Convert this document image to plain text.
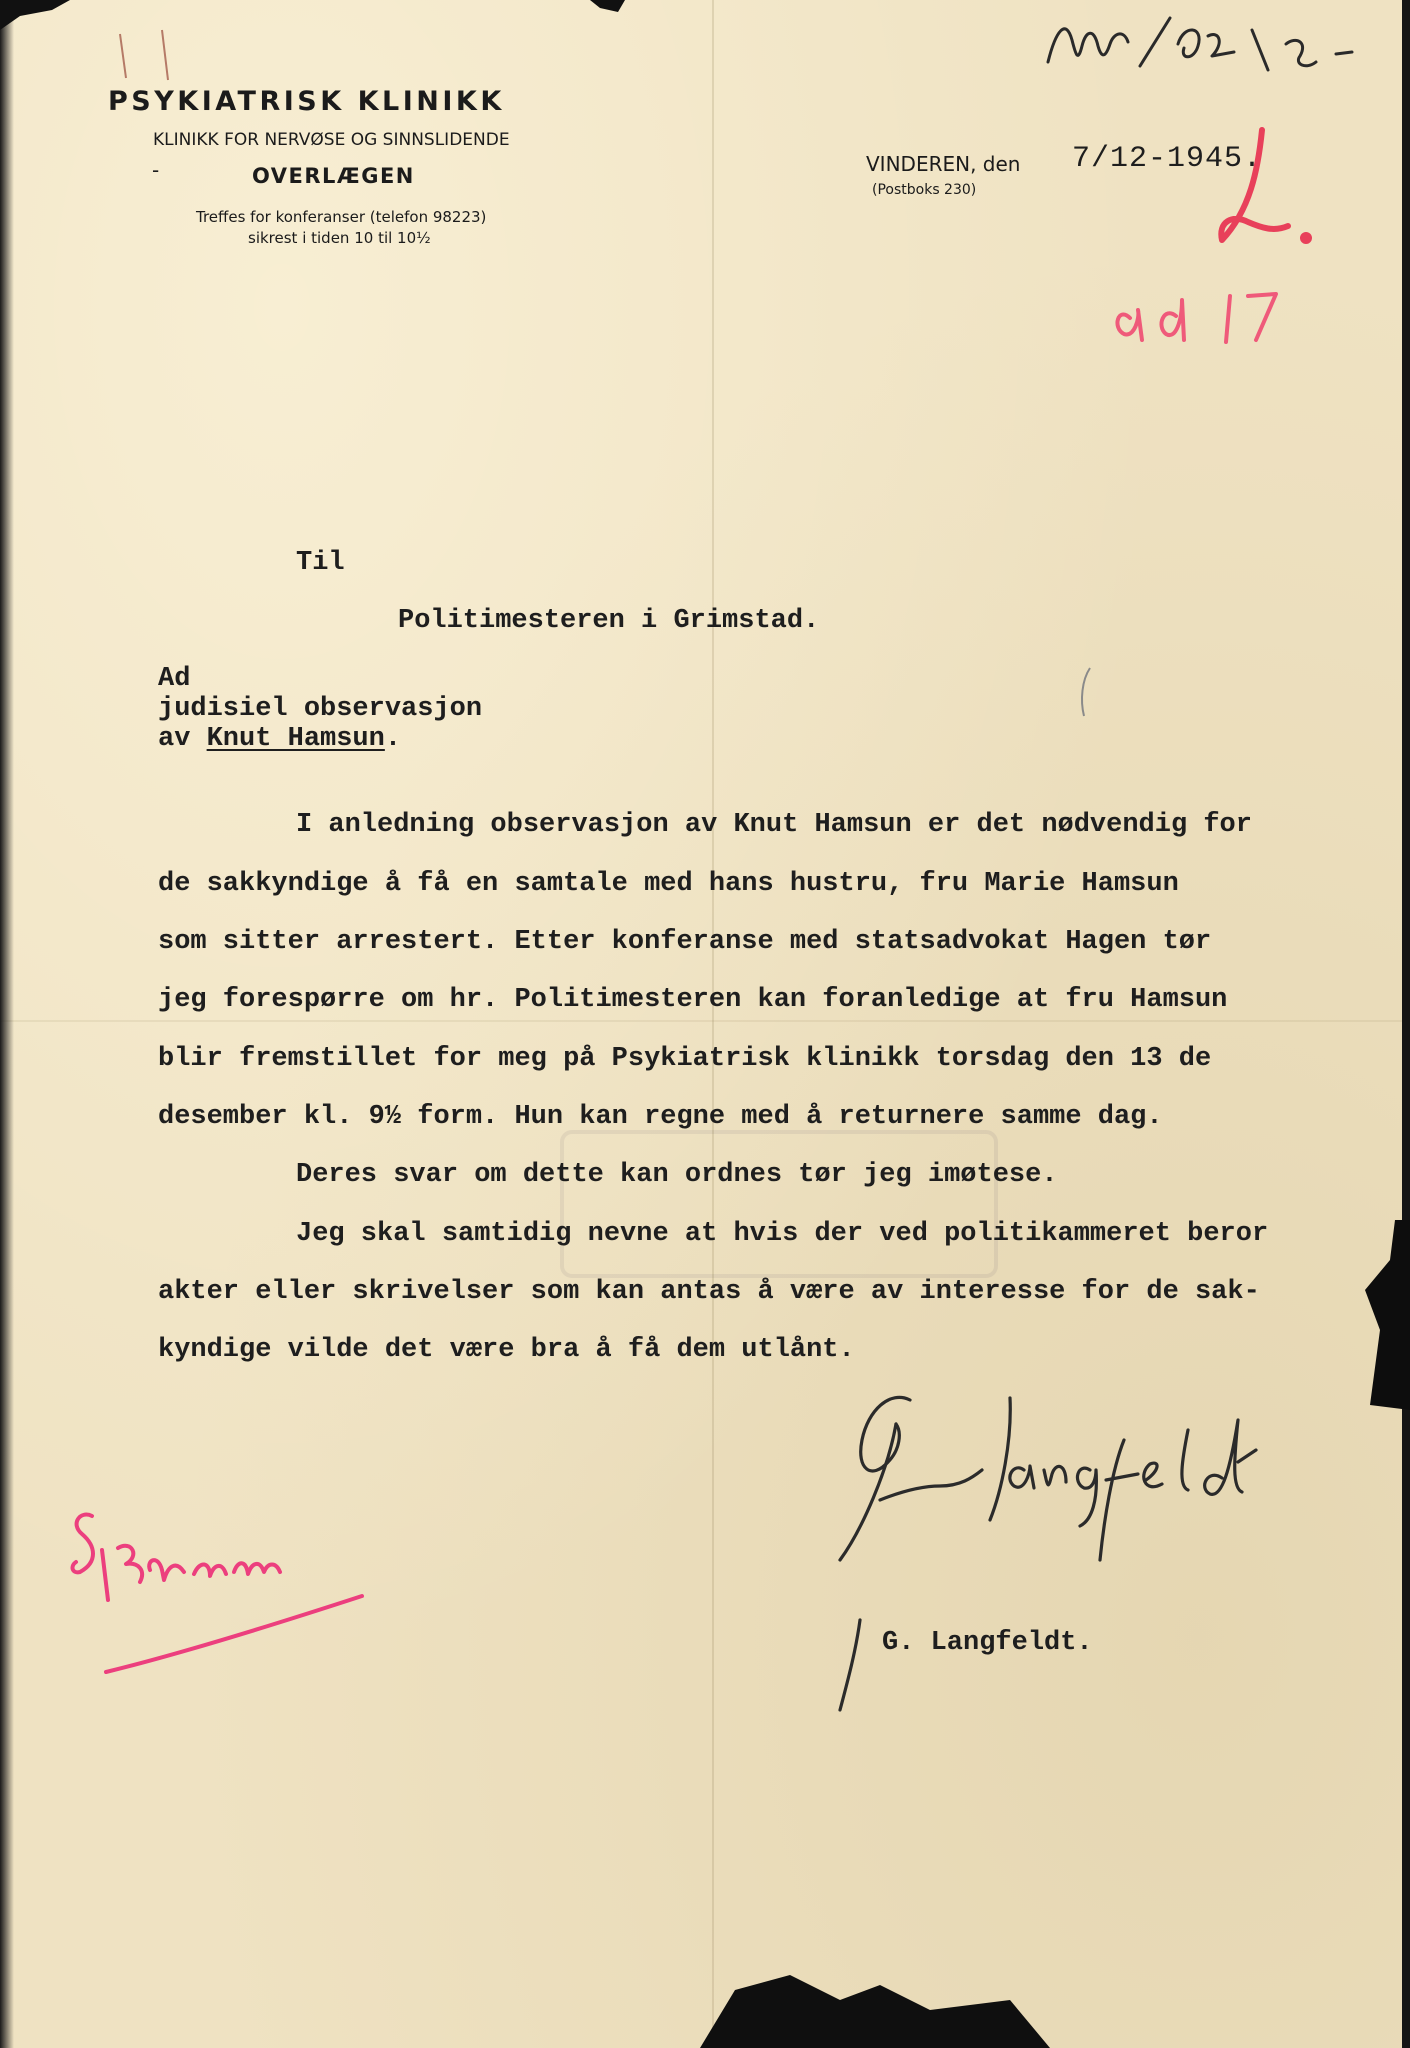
PSYKIATRISK KLINIKK
KLINIKK FOR NERVØSE OG SINNSLIDENDE
-	OVERLÆGEN
Treffes for konferanser (telefon 98223)
sikrest i tiden 10 til 10½
VINDEREN, den 7/12-1945.
(Postboks 230)
Til
Politimesteren i Grimstad.
Ad
judisiel observasjon
av Knut Hamsun.
I anledning observasjon av Knut Hamsun er det nødvendig for
de sakkyndige å få en samtale med hans hustru, fru Marie Hamsun
som sitter arrestert. Etter konferanse med statsadvokat Hagen tør
jeg forespørre om hr. Politimesteren kan foranledige at fru Hamsun
blir fremstillet for meg på Psykiatrisk klinikk torsdag den 13 de
desember kl. 9½ form. Hun kan regne med å returnere samme dag.
Deres svar om dette kan ordnes tør jeg imøtese.
Jeg skal samtidig nevne at hvis der ved politikammeret beror
akter eller skrivelser som kan antas å være av interesse for de sak-
kyndige vilde det være bra å få dem utlånt.
G. Langfeldt.
